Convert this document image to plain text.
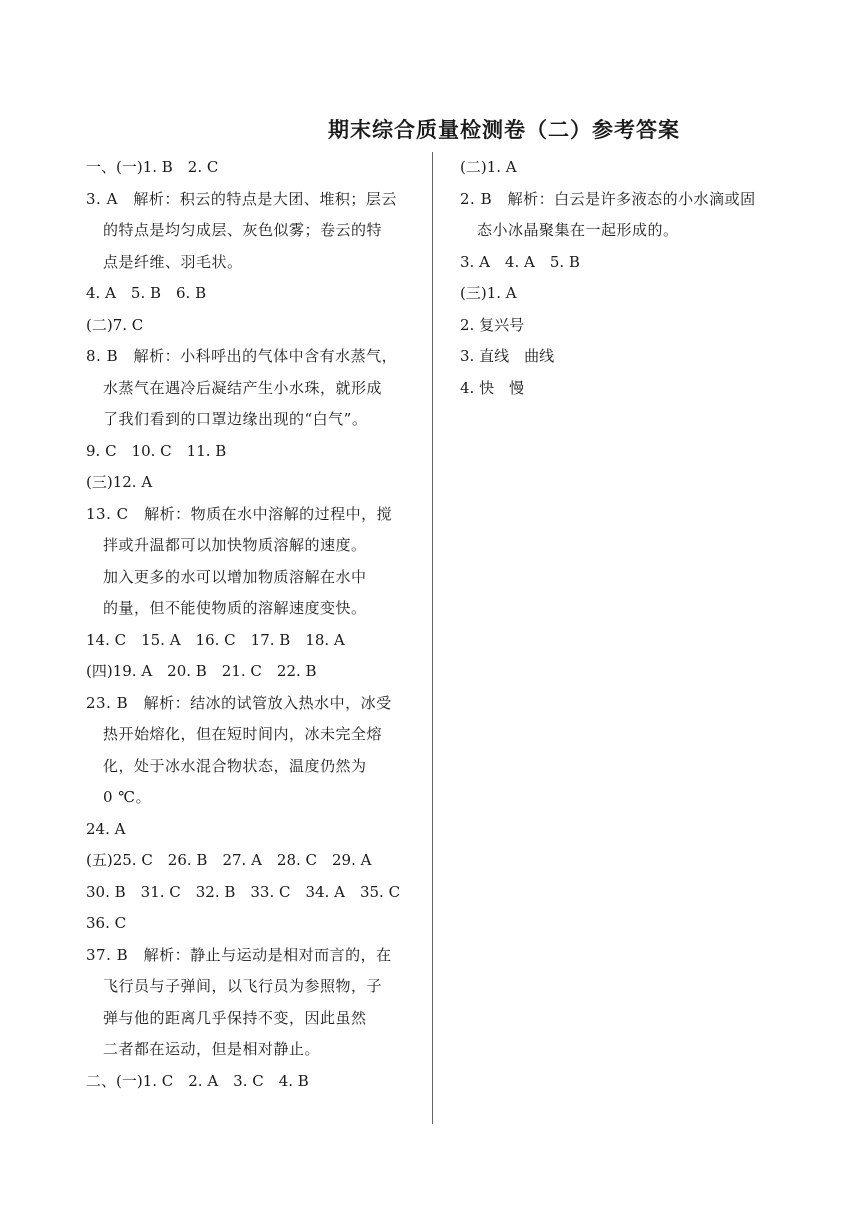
期末综合质量检测卷（二）参考答案
一、(一)1. B　2. C
3. A　解析：积云的特点是大团、堆积；层云
的特点是均匀成层、灰色似雾；卷云的特
点是纤维、羽毛状。
4. A　5. B　6. B
(二)7. C
8. B　解析：小科呼出的气体中含有水蒸气，
水蒸气在遇冷后凝结产生小水珠，就形成
了我们看到的口罩边缘出现的“白气”。
9. C　10. C　11. B
(三)12. A
13. C　解析：物质在水中溶解的过程中，搅
拌或升温都可以加快物质溶解的速度。
加入更多的水可以增加物质溶解在水中
的量，但不能使物质的溶解速度变快。
14. C　15. A　16. C　17. B　18. A
(四)19. A　20. B　21. C　22. B
23. B　解析：结冰的试管放入热水中，冰受
热开始熔化，但在短时间内，冰未完全熔
化，处于冰水混合物状态，温度仍然为
0 ℃。
24. A
(五)25. C　26. B　27. A　28. C　29. A
30. B　31. C　32. B　33. C　34. A　35. C
36. C
37. B　解析：静止与运动是相对而言的，在
飞行员与子弹间，以飞行员为参照物，子
弹与他的距离几乎保持不变，因此虽然
二者都在运动，但是相对静止。
二、(一)1. C　2. A　3. C　4. B
(二)1. A
2. B　解析：白云是许多液态的小水滴或固
态小冰晶聚集在一起形成的。
3. A　4. A　5. B
(三)1. A
2. 复兴号
3. 直线　曲线
4. 快　慢
